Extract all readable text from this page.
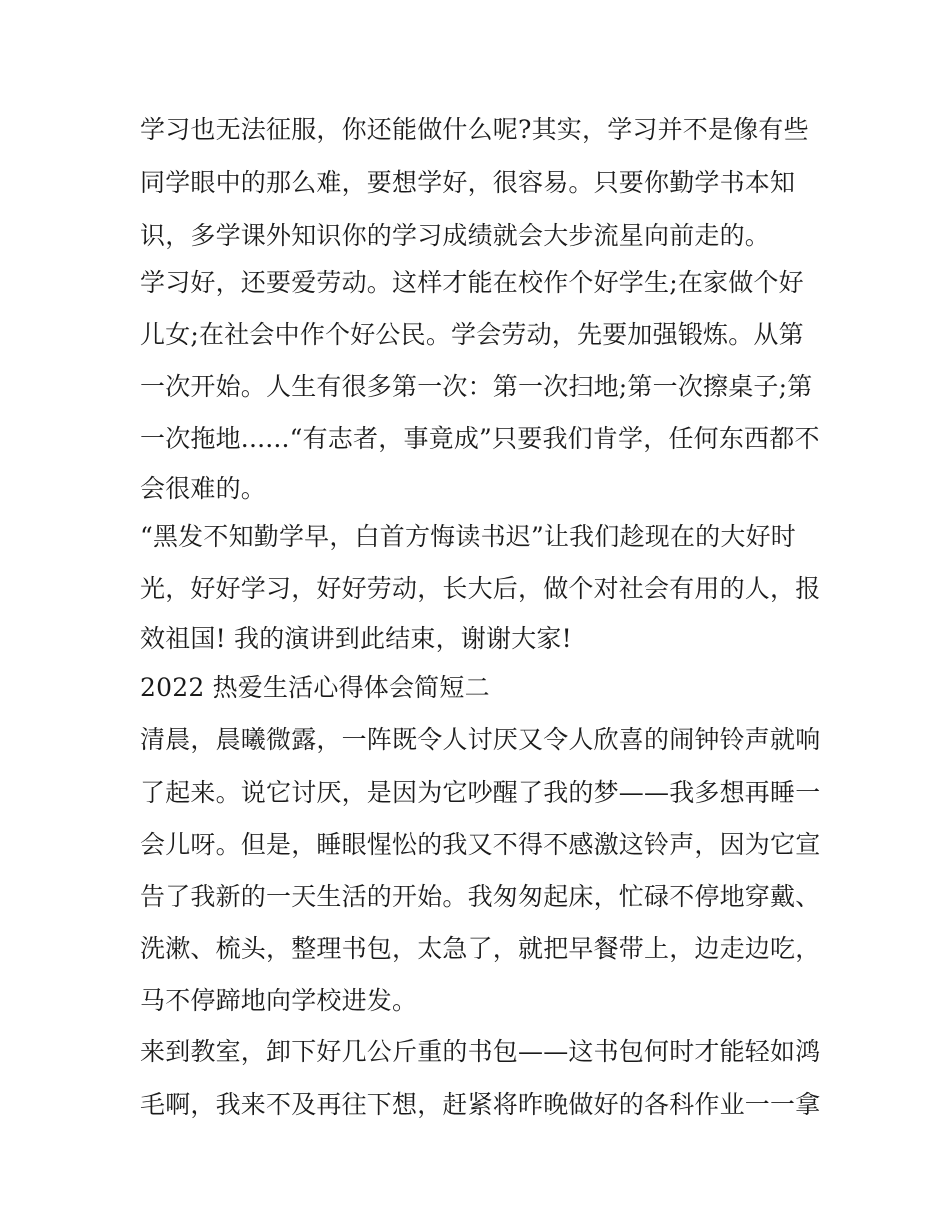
学习也无法征服，你还能做什么呢?其实，学习并不是像有些
同学眼中的那么难，要想学好，很容易。只要你勤学书本知
识，多学课外知识你的学习成绩就会大步流星向前走的。
学习好，还要爱劳动。这样才能在校作个好学生;在家做个好
儿女;在社会中作个好公民。学会劳动，先要加强锻炼。从第
一次开始。人生有很多第一次：第一次扫地;第一次擦桌子;第
一次拖地......“有志者，事竟成”只要我们肯学，任何东西都不
会很难的。
“黑发不知勤学早，白首方悔读书迟”让我们趁现在的大好时
光，好好学习，好好劳动，长大后，做个对社会有用的人，报
效祖国! 我的演讲到此结束，谢谢大家!
2022 热爱生活心得体会简短二
清晨，晨曦微露，一阵既令人讨厌又令人欣喜的闹钟铃声就响
了起来。说它讨厌，是因为它吵醒了我的梦——我多想再睡一
会儿呀。但是，睡眼惺忪的我又不得不感激这铃声，因为它宣
告了我新的一天生活的开始。我匆匆起床，忙碌不停地穿戴、
洗漱、梳头，整理书包，太急了，就把早餐带上，边走边吃，
马不停蹄地向学校进发。
来到教室，卸下好几公斤重的书包——这书包何时才能轻如鸿
毛啊，我来不及再往下想，赶紧将昨晚做好的各科作业一一拿
